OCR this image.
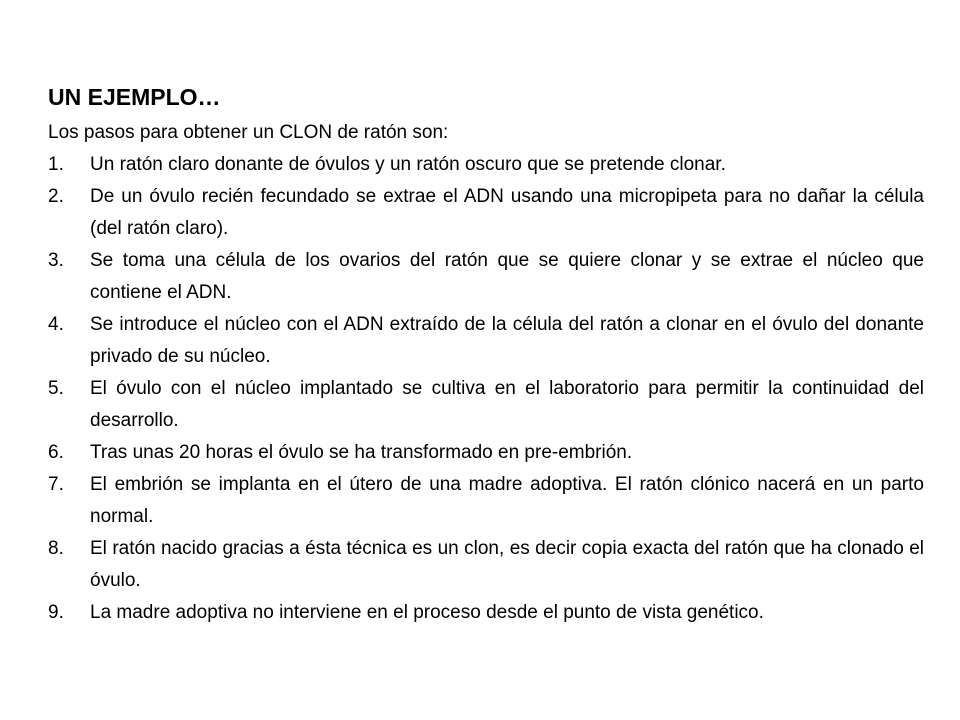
UN EJEMPLO…

Los pasos para obtener un CLON de ratón son:

1.	Un ratón claro donante de óvulos y un ratón oscuro que se pretende clonar.
2.	De un óvulo recién fecundado se extrae el ADN usando una micropipeta para no dañar la célula (del ratón claro).
3.	Se toma una célula de los ovarios del ratón que se quiere clonar y se extrae el núcleo que contiene el ADN.
4.	Se introduce el núcleo con el ADN extraído de la célula del ratón a clonar en el óvulo del donante privado de su núcleo.
5.	El óvulo con el núcleo implantado se cultiva en el laboratorio para permitir la continuidad del desarrollo.
6.	Tras unas 20 horas el óvulo se ha transformado en pre-embrión.
7.	El embrión se implanta en el útero de una madre adoptiva. El ratón clónico nacerá en un parto normal.
8.	El ratón nacido gracias a ésta técnica es un clon, es decir copia exacta del ratón que ha clonado el óvulo.
9.	La madre adoptiva no interviene en el proceso desde el punto de vista genético.
